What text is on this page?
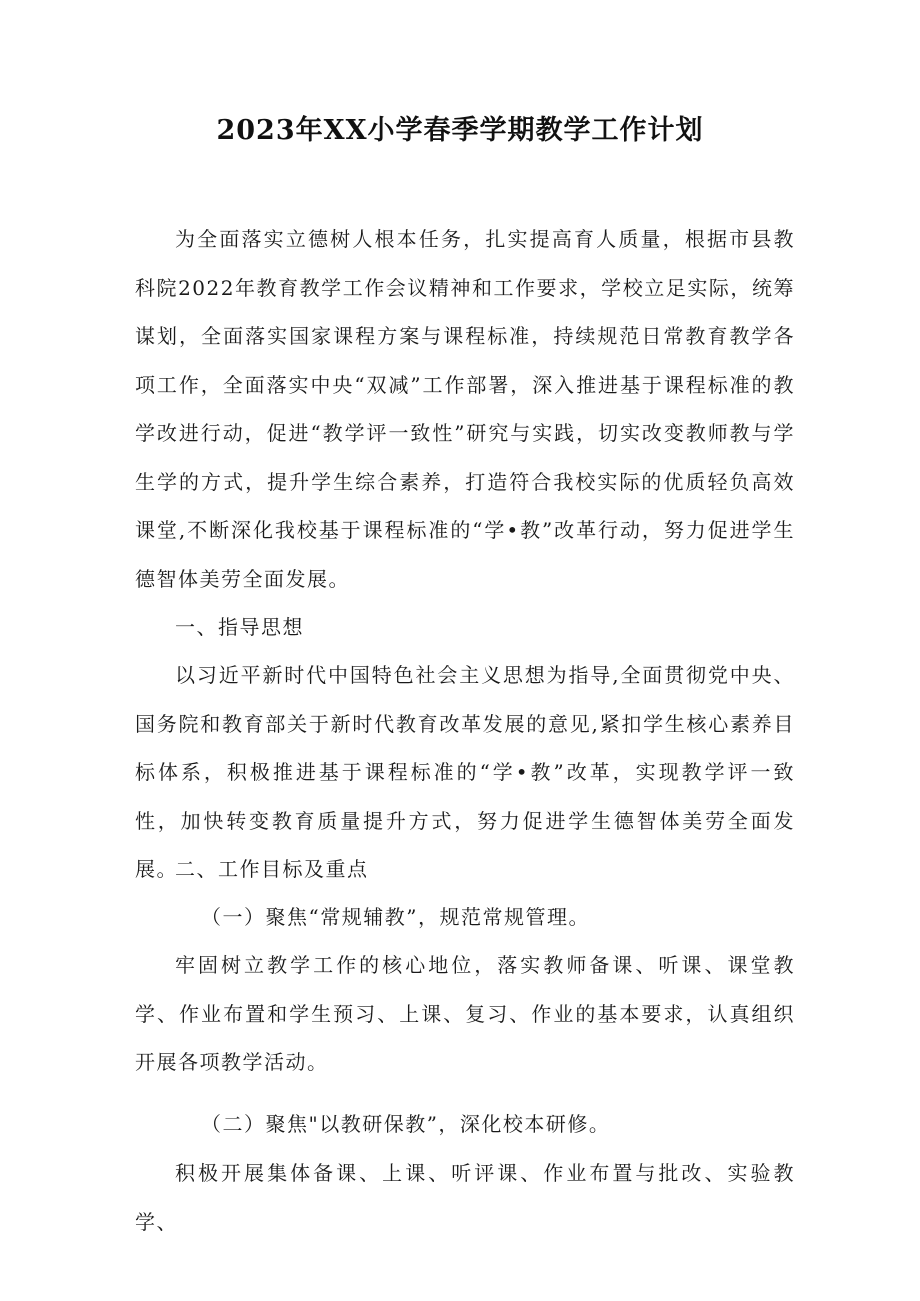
2023年XX小学春季学期教学工作计划
为全面落实立德树人根本任务，扎实提高育人质量，根据市县教科院2022年教育教学工作会议精神和工作要求，学校立足实际，统筹谋划，全面落实国家课程方案与课程标准，持续规范日常教育教学各项工作，全面落实中央“双减”工作部署，深入推进基于课程标准的教学改进行动，促进“教学评一致性”研究与实践，切实改变教师教与学生学的方式，提升学生综合素养，打造符合我校实际的优质轻负高效课堂,不断深化我校基于课程标准的“学•教”改革行动，努力促进学生德智体美劳全面发展。
一、指导思想
以习近平新时代中国特色社会主义思想为指导,全面贯彻党中央、国务院和教育部关于新时代教育改革发展的意见,紧扣学生核心素养目标体系，积极推进基于课程标准的“学•教”改革，实现教学评一致性，加快转变教育质量提升方式，努力促进学生德智体美劳全面发展。
二、工作目标及重点
（一）聚焦“常规辅教”，规范常规管理。
牢固树立教学工作的核心地位，落实教师备课、听课、课堂教学、作业布置和学生预习、上课、复习、作业的基本要求，认真组织开展各项教学活动。
（二）聚焦"以教研保教”，深化校本研修。
积极开展集体备课、上课、听评课、作业布置与批改、实验教学、
